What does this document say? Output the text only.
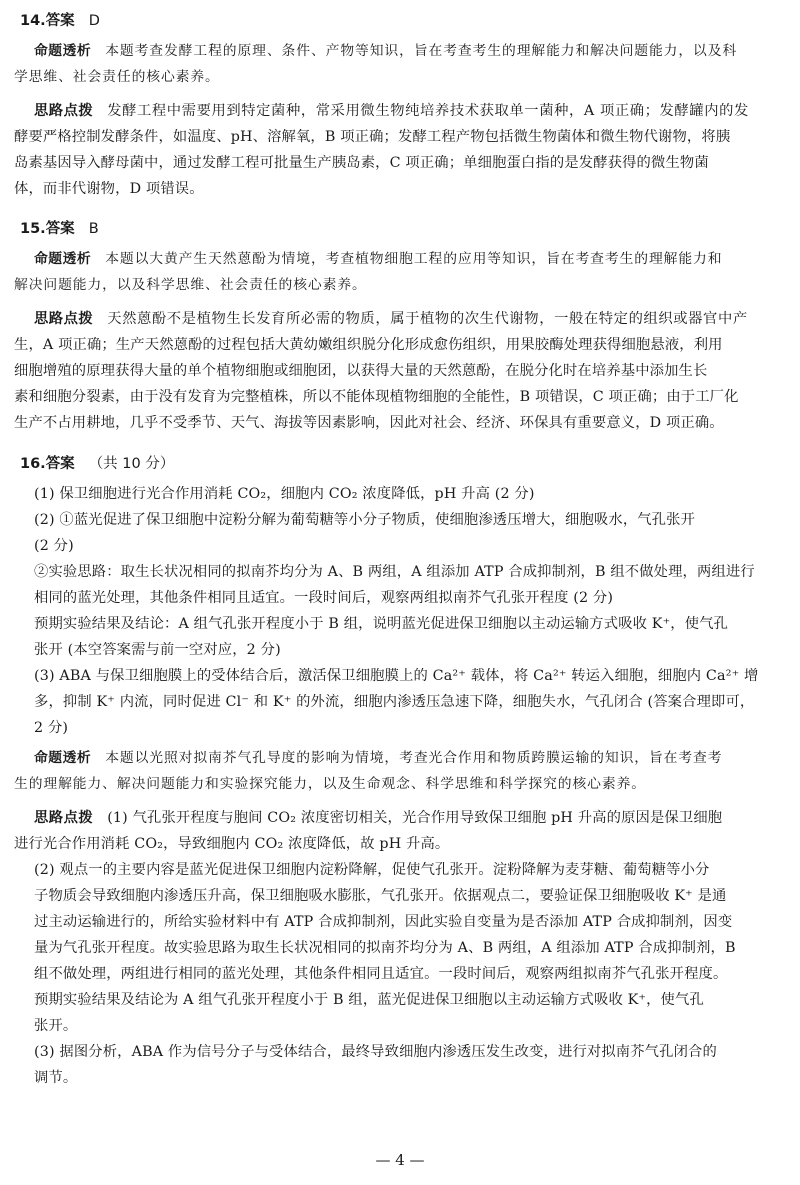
14.答案 D
命题透析 本题考查发酵工程的原理、条件、产物等知识，旨在考查考生的理解能力和解决问题能力，以及科
学思维、社会责任的核心素养。
思路点拨 发酵工程中需要用到特定菌种，常采用微生物纯培养技术获取单一菌种，A 项正确；发酵罐内的发
酵要严格控制发酵条件，如温度、pH、溶解氧，B 项正确；发酵工程产物包括微生物菌体和微生物代谢物，将胰
岛素基因导入酵母菌中，通过发酵工程可批量生产胰岛素，C 项正确；单细胞蛋白指的是发酵获得的微生物菌
体，而非代谢物，D 项错误。
15.答案 B
命题透析 本题以大黄产生天然蒽酚为情境，考查植物细胞工程的应用等知识，旨在考查考生的理解能力和
解决问题能力，以及科学思维、社会责任的核心素养。
思路点拨 天然蒽酚不是植物生长发育所必需的物质，属于植物的次生代谢物，一般在特定的组织或器官中产
生，A 项正确；生产天然蒽酚的过程包括大黄幼嫩组织脱分化形成愈伤组织，用果胶酶处理获得细胞悬液，利用
细胞增殖的原理获得大量的单个植物细胞或细胞团，以获得大量的天然蒽酚，在脱分化时在培养基中添加生长
素和细胞分裂素，由于没有发育为完整植株，所以不能体现植物细胞的全能性，B 项错误，C 项正确；由于工厂化
生产不占用耕地，几乎不受季节、天气、海拔等因素影响，因此对社会、经济、环保具有重要意义，D 项正确。
16.答案 （共 10 分）
(1) 保卫细胞进行光合作用消耗 CO₂，细胞内 CO₂ 浓度降低，pH 升高 (2 分)
(2) ①蓝光促进了保卫细胞中淀粉分解为葡萄糖等小分子物质，使细胞渗透压增大，细胞吸水，气孔张开
(2 分)
②实验思路：取生长状况相同的拟南芥均分为 A、B 两组，A 组添加 ATP 合成抑制剂，B 组不做处理，两组进行
相同的蓝光处理，其他条件相同且适宜。一段时间后，观察两组拟南芥气孔张开程度 (2 分)
预期实验结果及结论：A 组气孔张开程度小于 B 组，说明蓝光促进保卫细胞以主动运输方式吸收 K⁺，使气孔
张开 (本空答案需与前一空对应，2 分)
(3) ABA 与保卫细胞膜上的受体结合后，激活保卫细胞膜上的 Ca²⁺ 载体，将 Ca²⁺ 转运入细胞，细胞内 Ca²⁺ 增
多，抑制 K⁺ 内流，同时促进 Cl⁻ 和 K⁺ 的外流，细胞内渗透压急速下降，细胞失水，气孔闭合 (答案合理即可，
2 分)
命题透析 本题以光照对拟南芥气孔导度的影响为情境，考查光合作用和物质跨膜运输的知识，旨在考查考
生的理解能力、解决问题能力和实验探究能力，以及生命观念、科学思维和科学探究的核心素养。
思路点拨 (1) 气孔张开程度与胞间 CO₂ 浓度密切相关，光合作用导致保卫细胞 pH 升高的原因是保卫细胞
进行光合作用消耗 CO₂，导致细胞内 CO₂ 浓度降低，故 pH 升高。
(2) 观点一的主要内容是蓝光促进保卫细胞内淀粉降解，促使气孔张开。淀粉降解为麦芽糖、葡萄糖等小分
子物质会导致细胞内渗透压升高，保卫细胞吸水膨胀，气孔张开。依据观点二，要验证保卫细胞吸收 K⁺ 是通
过主动运输进行的，所给实验材料中有 ATP 合成抑制剂，因此实验自变量为是否添加 ATP 合成抑制剂，因变
量为气孔张开程度。故实验思路为取生长状况相同的拟南芥均分为 A、B 两组，A 组添加 ATP 合成抑制剂，B
组不做处理，两组进行相同的蓝光处理，其他条件相同且适宜。一段时间后，观察两组拟南芥气孔张开程度。
预期实验结果及结论为 A 组气孔张开程度小于 B 组，蓝光促进保卫细胞以主动运输方式吸收 K⁺，使气孔
张开。
(3) 据图分析，ABA 作为信号分子与受体结合，最终导致细胞内渗透压发生改变，进行对拟南芥气孔闭合的
调节。
— 4 —
